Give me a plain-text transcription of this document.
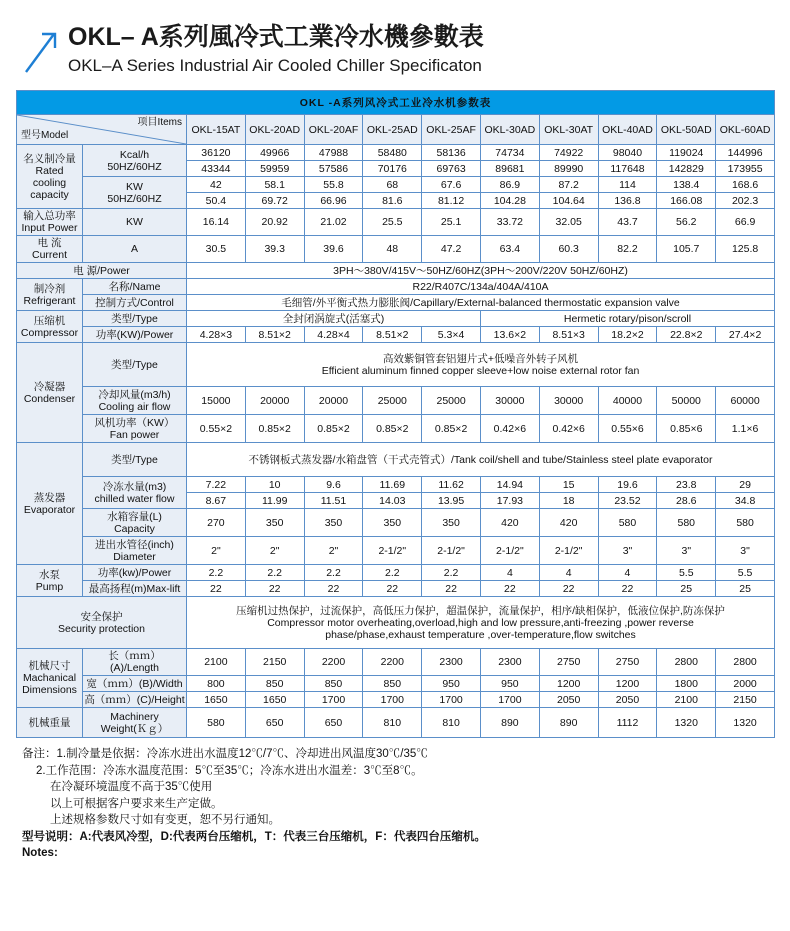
OKL– A系列風冷式工業冷水機參數表
OKL–A Series Industrial Air Cooled Chiller Specificaton
OKL -A系列风冷式工业冷水机参数表											

型号Model
项目Items		OKL-15AT	OKL-20AD	OKL-20AF	OKL-25AD	OKL-25AF	OKL-30AD	OKL-30AT	OKL-40AD	OKL-50AD	OKL-60AD

名义制冷量
Rated cooling capacity

Kcal/h
50HZ/60HZ
	36120	49966	47988	58480	58136	74734	74922	98040	119024	144996
		43344	59959	57586	70176	69763	89681	89990	117648	142829	173955

	KW
50HZ/60HZ	42	58.1	55.8	68	67.6	86.9	87.2	114	138.4	168.6
		50.4	69.72	66.96	81.6	81.12	104.28	104.64	136.8	166.08	202.3

输入总功率
Input Power	KW	16.14	20.92	21.02	25.5	25.1	33.72	32.05	43.7	56.2	66.9

电 流
Current	A	30.5	39.3	39.6	48	47.2	63.4	60.3	82.2	105.7	125.8
电 源/Power		3PH～380V/415V～50HZ/60HZ(3PH～200V/220V 50HZ/60HZ)									

制冷剂
Refrigerant	名称/Name	R22/R407C/134a/404A/410A									
	控制方式/Control	毛细管/外平衡式热力膨胀阀/Capillary/External-balanced thermostatic expansion valve									

压缩机
Compressor	类型/Type	全封闭涡旋式(活塞式)					Hermetic rotary/pison/scroll				
	功率(KW)/Power	4.28×3	8.51×2	4.28×4	8.51×2	5.3×4	13.6×2	8.51×3	18.2×2	22.8×2	27.4×2

冷凝器
Condenser
	类型/Type	高效紫铜管套铝翅片式+低噪音外转子风机
Efficient aluminum finned copper sleeve+low noise external rotor fan

	冷却风量(m3/h)
Cooling air flow	15000	20000	20000	25000	25000	30000	30000	40000	50000	60000

	风机功率（KW）
Fan power	0.55×2	0.85×2	0.85×2	0.85×2	0.85×2	0.42×6	0.42×6	0.55×6	0.85×6	1.1×6

蒸发器
Evaporator	类型/Type	不锈钢板式蒸发器/水箱盘管（干式壳管式）/Tank coil/shell and tube/Stainless steel plate evaporator									

	冷冻水量(m3)
chilled water flow	7.22	10	9.6	11.69	11.62	14.94	15	19.6	23.8	29
		8.67	11.99	11.51	14.03	13.95	17.93	18	23.52	28.6	34.8

	水箱容量(L)
Capacity	270	350	350	350	350	420	420	580	580	580

	进出水管径(inch)
Diameter	2"	2"	2"	2-1/2"	2-1/2"	2-1/2"	2-1/2"	3"	3"	3"

水泵
Pump	功率(kw)/Power	2.2	2.2	2.2	2.2	2.2	4	4	4	5.5	5.5
	最高扬程(m)Max-lift	22	22	22	22	22	22	22	22	25	25

安全保护
Security protection

压缩机过热保护，过流保护，高低压力保护，超温保护，流量保护，相序/缺相保护，低液位保护,防冻保护
Compressor motor overheating,overload,high and low pressure,anti-freezing ,power reverse
phase/phase,exhaust temperature ,over-temperature,flow switches

机械尺寸
Machanical Dimensions	长（ｍｍ）(A)/Length	2100	2150	2200	2200	2300	2300	2750	2750	2800	2800
	宽（ｍｍ）(B)/Width	800	850	850	850	950	950	1200	1200	1800	2000
	高（ｍｍ）(C)/Height	1650	1650	1700	1700	1700	1700	2050	2050	2100	2150
机械重量	Machinery
Weight(Ｋｇ）	580	650	650	810	810	890	890	1112	1320	1320
备注：1.制冷量是依据：冷冻水进出水温度12℃/7℃、冷却进出风温度30℃/35℃
2.工作范围：冷冻水温度范围：5℃至35℃；冷冻水进出水温差：3℃至8℃。
在冷凝环境温度不高于35℃使用
以上可根据客户要求来生产定做。
上述规格参数尺寸如有变更，恕不另行通知。
型号说明：A:代表风冷型，D:代表两台压缩机，T：代表三台压缩机，F：代表四台压缩机。
Notes:
